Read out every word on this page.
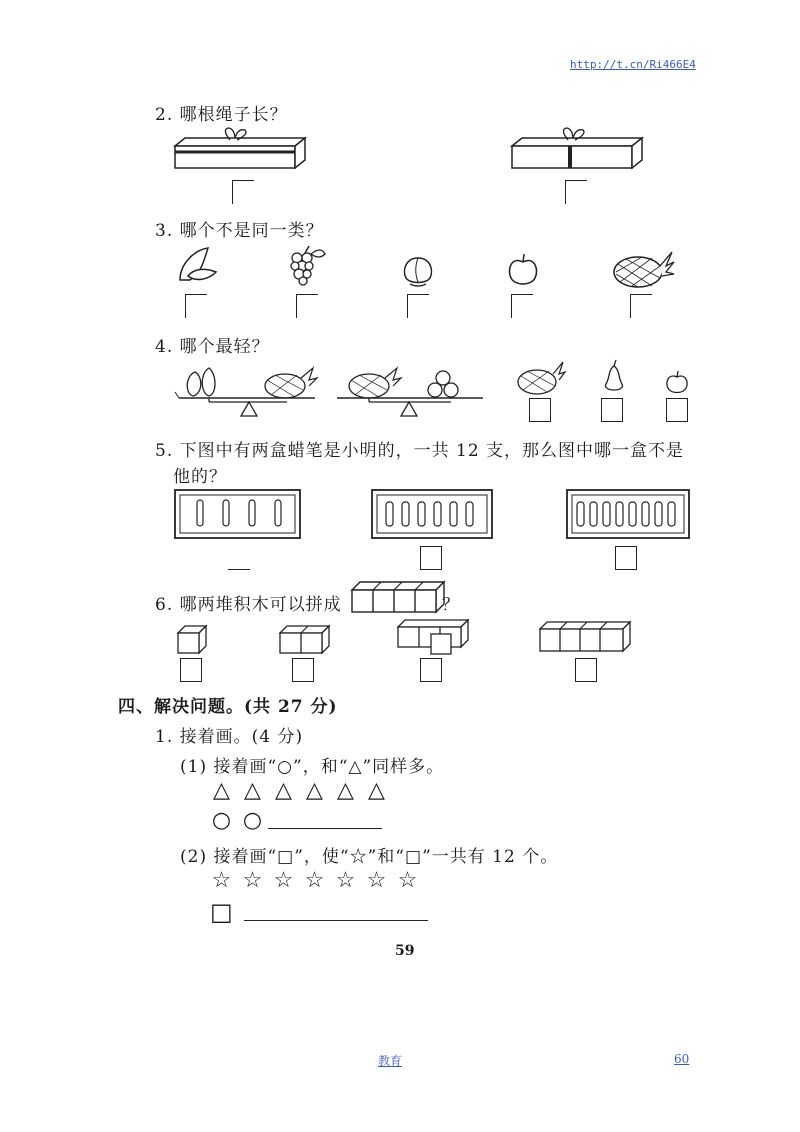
http://t.cn/Ri466E4
2. 哪根绳子长？
3. 哪个不是同一类？
4. 哪个最轻？
5. 下图中有两盒蜡笔是小明的，一共 12 支，那么图中哪一盒不是
他的？
6. 哪两堆积木可以拼成	？
四、解决问题。(共 27 分)
1. 接着画。(4 分)
(1) 接着画“○”，和“△”同样多。
△ △ △ △ △ △
○ ○
(2) 接着画“□”，使“☆”和“□”一共有 12 个。
☆ ☆ ☆ ☆ ☆ ☆ ☆
□
59
教育	60
